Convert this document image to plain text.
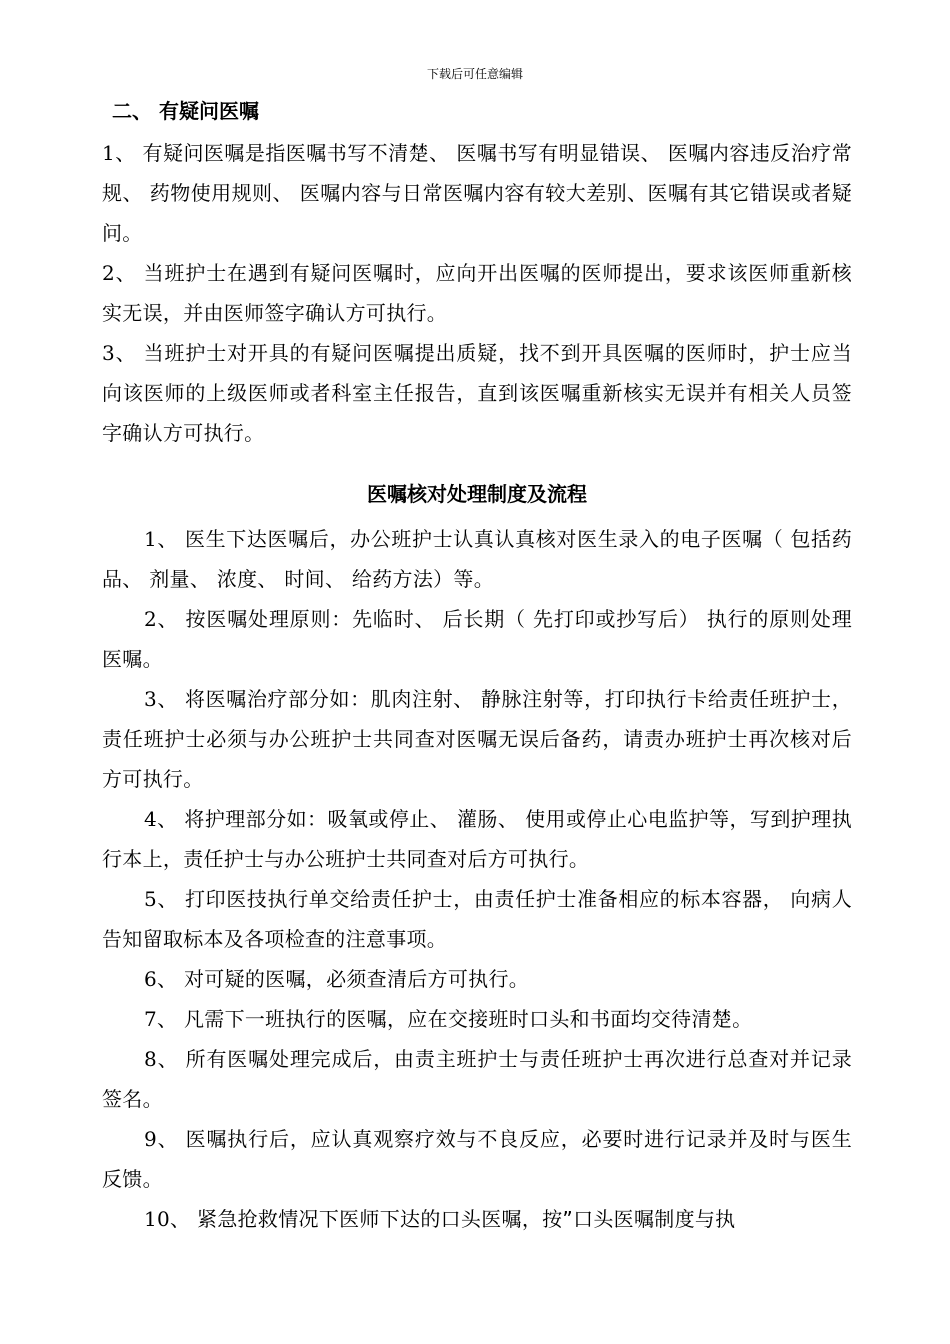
下载后可任意编辑
二、 有疑问医嘱

1、 有疑问医嘱是指医嘱书写不清楚、 医嘱书写有明显错误、 医嘱内容违反治疗常规、 药物使用规则、 医嘱内容与日常医嘱内容有较大差别、医嘱有其它错误或者疑问。

2、 当班护士在遇到有疑问医嘱时，应向开出医嘱的医师提出，要求该医师重新核实无误，并由医师签字确认方可执行。

3、 当班护士对开具的有疑问医嘱提出质疑，找不到开具医嘱的医师时，护士应当向该医师的上级医师或者科室主任报告，直到该医嘱重新核实无误并有相关人员签字确认方可执行。

医嘱核对处理制度及流程

1、 医生下达医嘱后，办公班护士认真认真核对医生录入的电子医嘱（ 包括药品、 剂量、 浓度、 时间、 给药方法）等。

2、 按医嘱处理原则：先临时、 后长期（ 先打印或抄写后） 执行的原则处理医嘱。

3、 将医嘱治疗部分如：肌肉注射、 静脉注射等，打印执行卡给责任班护士，责任班护士必须与办公班护士共同查对医嘱无误后备药，请责办班护士再次核对后方可执行。

4、 将护理部分如：吸氧或停止、 灌肠、 使用或停止心电监护等，写到护理执行本上，责任护士与办公班护士共同查对后方可执行。

5、 打印医技执行单交给责任护士，由责任护士准备相应的标本容器， 向病人告知留取标本及各项检查的注意事项。

6、 对可疑的医嘱，必须查清后方可执行。

7、 凡需下一班执行的医嘱，应在交接班时口头和书面均交待清楚。

8、 所有医嘱处理完成后，由责主班护士与责任班护士再次进行总查对并记录签名。

9、 医嘱执行后，应认真观察疗效与不良反应，必要时进行记录并及时与医生反馈。

10、 紧急抢救情况下医师下达的口头医嘱，按”口头医嘱制度与执
